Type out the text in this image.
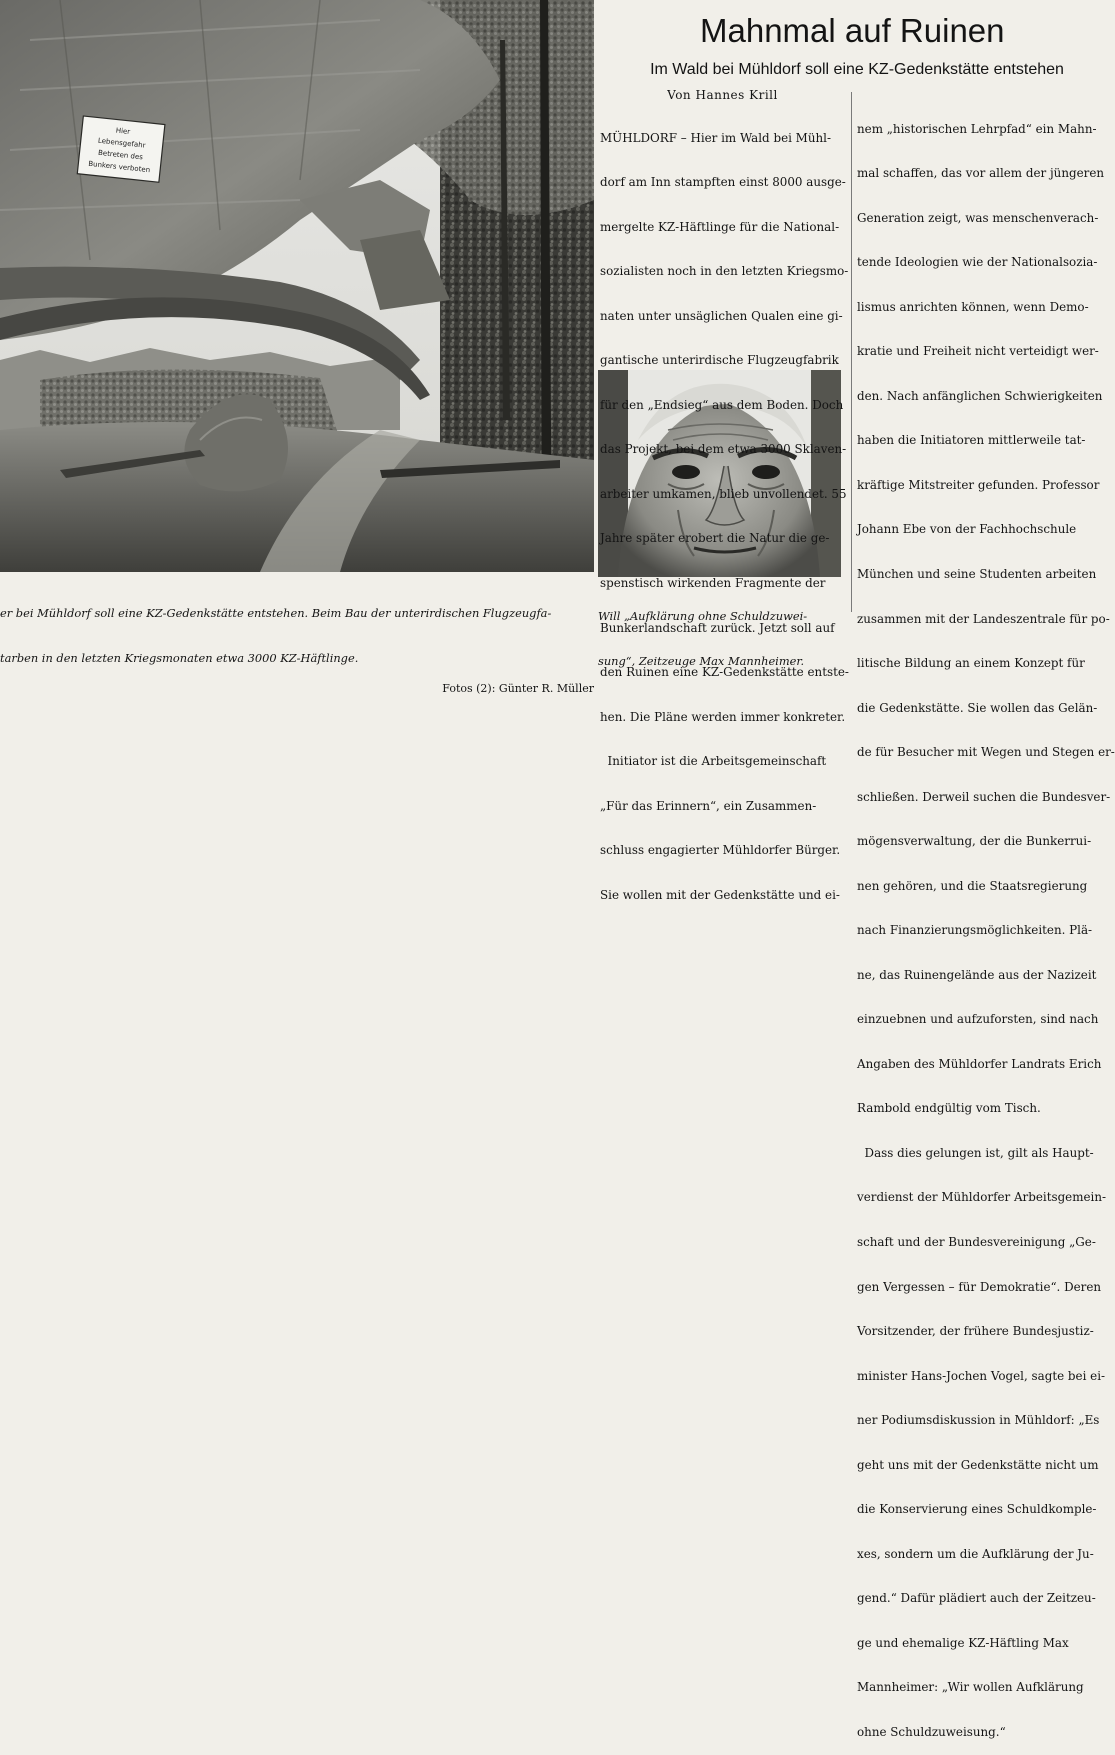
Hier
Lebensgefahr
Betreten des
Bunkers verboten

er bei Mühldorf soll eine KZ-Gedenkstätte entstehen. Beim Bau der unterirdischen Flugzeugfa-

tarben in den letzten Kriegsmonaten etwa 3000 KZ-Häftlinge.

Fotos (2): Günter R. Müller

Will „Aufklärung ohne Schuldzuwei-

sung“, Zeitzeuge Max Mannheimer.

Mahnmal auf Ruinen
Im Wald bei Mühldorf soll eine KZ-Gedenkstätte entstehen
Von Hannes Krill

MÜHLDORF – Hier im Wald bei Mühl-

dorf am Inn stampften einst 8000 ausge-

mergelte KZ-Häftlinge für die National-

sozialisten noch in den letzten Kriegsmo-

naten unter unsäglichen Qualen eine gi-

gantische unterirdische Flugzeugfabrik

für den „Endsieg“ aus dem Boden. Doch

das Projekt, bei dem etwa 3000 Sklaven-

arbeiter umkamen, blieb unvollendet. 55

Jahre später erobert die Natur die ge-

spenstisch wirkenden Fragmente der

Bunkerlandschaft zurück. Jetzt soll auf

den Ruinen eine KZ-Gedenkstätte entste-

hen. Die Pläne werden immer konkreter.

Initiator ist die Arbeitsgemeinschaft

„Für das Erinnern“, ein Zusammen-

schluss engagierter Mühldorfer Bürger.

Sie wollen mit der Gedenkstätte und ei-

nem „historischen Lehrpfad“ ein Mahn-

mal schaffen, das vor allem der jüngeren

Generation zeigt, was menschenverach-

tende Ideologien wie der Nationalsozia-

lismus anrichten können, wenn Demo-

kratie und Freiheit nicht verteidigt wer-

den. Nach anfänglichen Schwierigkeiten

haben die Initiatoren mittlerweile tat-

kräftige Mitstreiter gefunden. Professor

Johann Ebe von der Fachhochschule

München und seine Studenten arbeiten

zusammen mit der Landeszentrale für po-

litische Bildung an einem Konzept für

die Gedenkstätte. Sie wollen das Gelän-

de für Besucher mit Wegen und Stegen er-

schließen. Derweil suchen die Bundesver-

mögensverwaltung, der die Bunkerrui-

nen gehören, und die Staatsregierung

nach Finanzierungsmöglichkeiten. Plä-

ne, das Ruinengelände aus der Nazizeit

einzuebnen und aufzuforsten, sind nach

Angaben des Mühldorfer Landrats Erich

Rambold endgültig vom Tisch.

Dass dies gelungen ist, gilt als Haupt-

verdienst der Mühldorfer Arbeitsgemein-

schaft und der Bundesvereinigung „Ge-

gen Vergessen – für Demokratie“. Deren

Vorsitzender, der frühere Bundesjustiz-

minister Hans-Jochen Vogel, sagte bei ei-

ner Podiumsdiskussion in Mühldorf: „Es

geht uns mit der Gedenkstätte nicht um

die Konservierung eines Schuldkomple-

xes, sondern um die Aufklärung der Ju-

gend.“ Dafür plädiert auch der Zeitzeu-

ge und ehemalige KZ-Häftling Max

Mannheimer: „Wir wollen Aufklärung

ohne Schuldzuweisung.“
